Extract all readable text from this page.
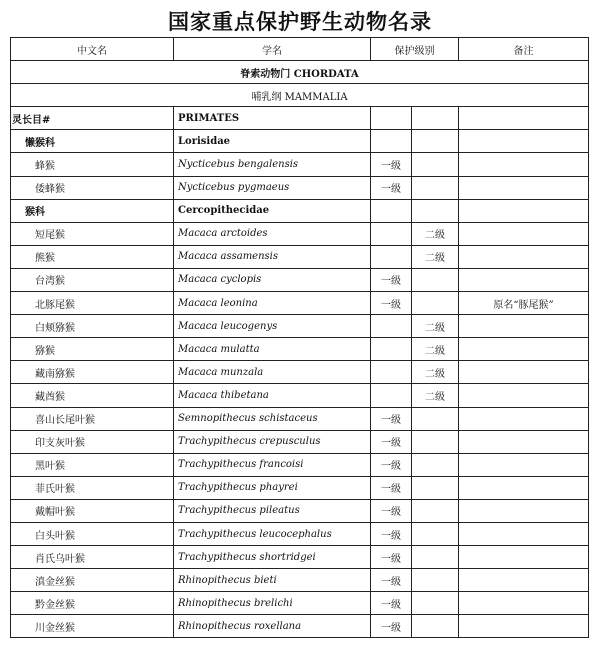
国家重点保护野生动物名录
中文名	学名	保护级别		备注
脊索动物门 CHORDATA				
哺乳纲 MAMMALIA				
灵长目#	PRIMATES			
懒猴科	Lorisidae			
蜂猴	Nycticebus bengalensis	一级		
倭蜂猴	Nycticebus pygmaeus	一级		
猴科	Cercopithecidae			
短尾猴	Macaca arctoides		二级	
熊猴	Macaca assamensis		二级	
台湾猴	Macaca cyclopis	一级		
北豚尾猴	Macaca leonina	一级		原名“豚尾猴”
白颊猕猴	Macaca leucogenys		二级	
猕猴	Macaca mulatta		二级	
藏南猕猴	Macaca munzala		二级	
藏酋猴	Macaca thibetana		二级	
喜山长尾叶猴	Semnopithecus schistaceus	一级		
印支灰叶猴	Trachypithecus crepusculus	一级		
黑叶猴	Trachypithecus francoisi	一级		
菲氏叶猴	Trachypithecus phayrei	一级		
戴帽叶猴	Trachypithecus pileatus	一级		
白头叶猴	Trachypithecus leucocephalus	一级		
肖氏乌叶猴	Trachypithecus shortridgei	一级		
滇金丝猴	Rhinopithecus bieti	一级		
黔金丝猴	Rhinopithecus brelichi	一级		
川金丝猴	Rhinopithecus roxellana	一级		
